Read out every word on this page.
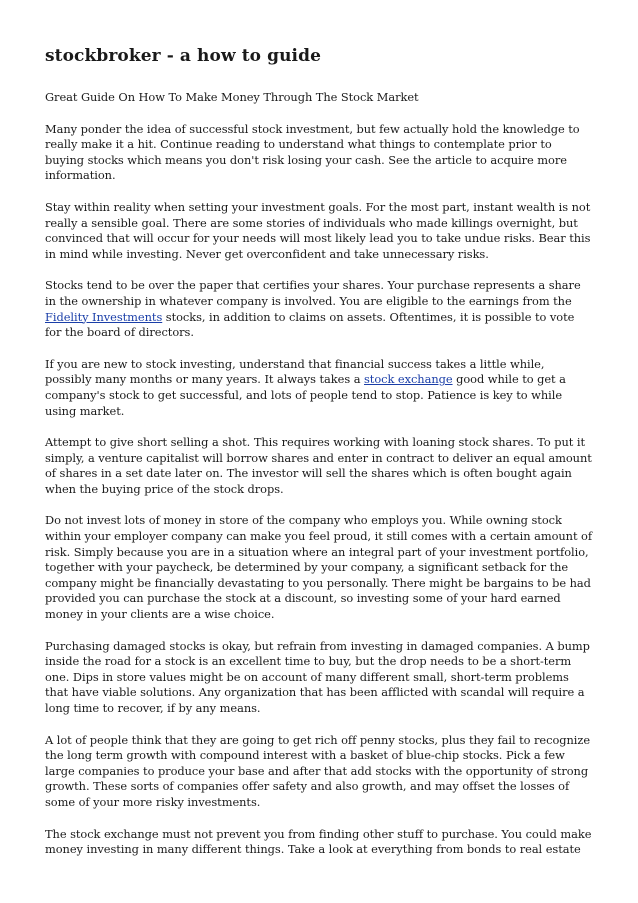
stockbroker - a how to guide

Great Guide On How To Make Money Through The Stock Market

Many ponder the idea of successful stock investment, but few actually hold the knowledge to really make it a hit. Continue reading to understand what things to contemplate prior to buying stocks which means you don't risk losing your cash. See the article to acquire more information.

Stay within reality when setting your investment goals. For the most part, instant wealth is not really a sensible goal. There are some stories of individuals who made killings overnight, but convinced that will occur for your needs will most likely lead you to take undue risks. Bear this in mind while investing. Never get overconfident and take unnecessary risks.

Stocks tend to be over the paper that certifies your shares. Your purchase represents a share in the ownership in whatever company is involved. You are eligible to the earnings from the Fidelity Investments stocks, in addition to claims on assets. Oftentimes, it is possible to vote for the board of directors.

If you are new to stock investing, understand that financial success takes a little while, possibly many months or many years. It always takes a stock exchange good while to get a company's stock to get successful, and lots of people tend to stop. Patience is key to while using market.

Attempt to give short selling a shot. This requires working with loaning stock shares. To put it simply, a venture capitalist will borrow shares and enter in contract to deliver an equal amount of shares in a set date later on. The investor will sell the shares which is often bought again when the buying price of the stock drops.

Do not invest lots of money in store of the company who employs you. While owning stock within your employer company can make you feel proud, it still comes with a certain amount of risk. Simply because you are in a situation where an integral part of your investment portfolio, together with your paycheck, be determined by your company, a significant setback for the company might be financially devastating to you personally. There might be bargains to be had provided you can purchase the stock at a discount, so investing some of your hard earned money in your clients are a wise choice.

Purchasing damaged stocks is okay, but refrain from investing in damaged companies. A bump inside the road for a stock is an excellent time to buy, but the drop needs to be a short-term one. Dips in store values might be on account of many different small, short-term problems that have viable solutions. Any organization that has been afflicted with scandal will require a long time to recover, if by any means.

A lot of people think that they are going to get rich off penny stocks, plus they fail to recognize the long term growth with compound interest with a basket of blue-chip stocks. Pick a few large companies to produce your base and after that add stocks with the opportunity of strong growth. These sorts of companies offer safety and also growth, and may offset the losses of some of your more risky investments.

The stock exchange must not prevent you from finding other stuff to purchase. You could make money investing in many different things. Take a look at everything from bonds to real estate
